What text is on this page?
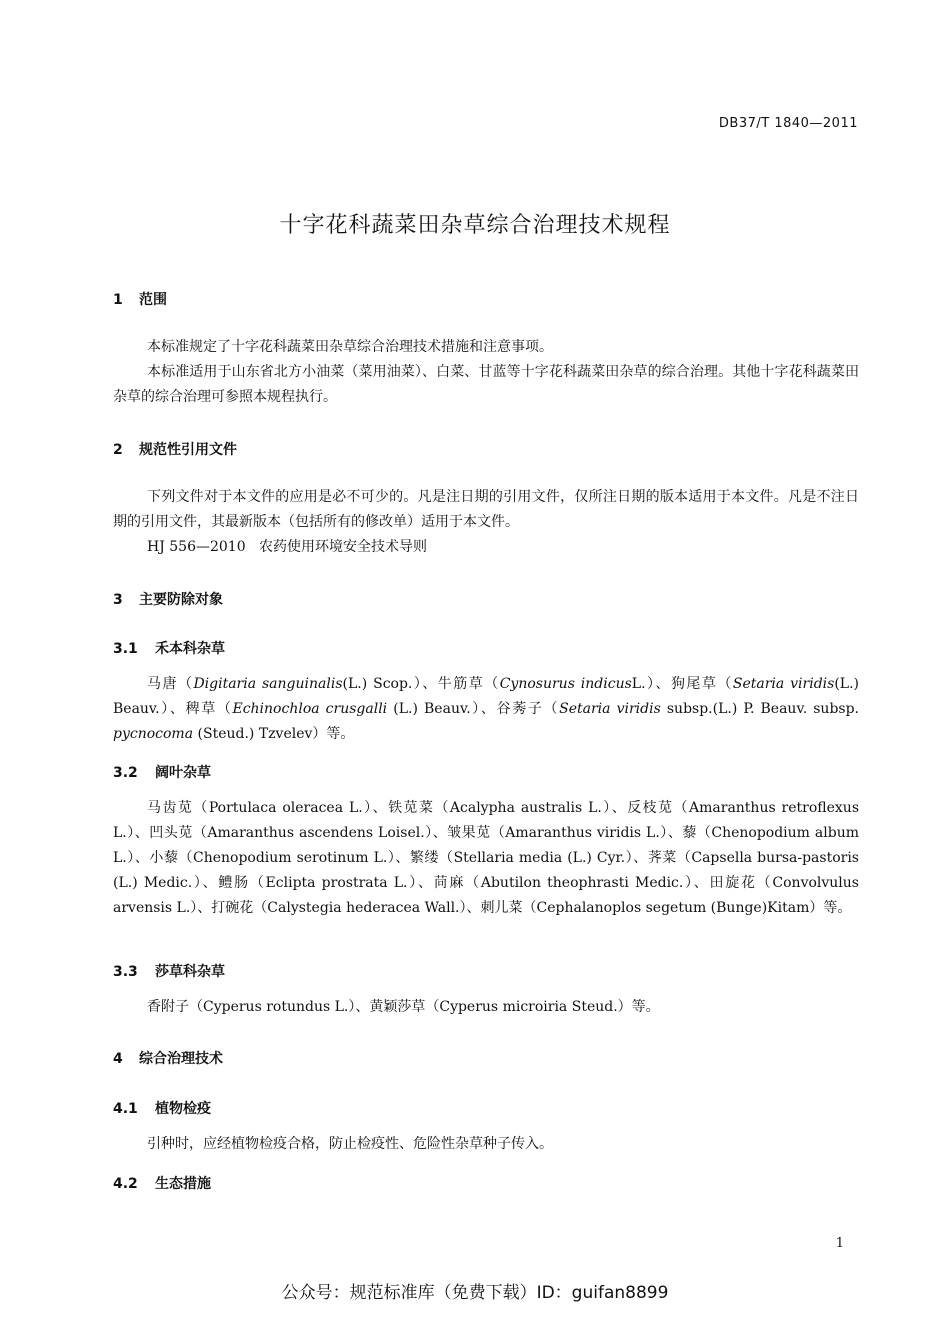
DB37/T 1840—2011
十字花科蔬菜田杂草综合治理技术规程
1 范围

本标准规定了十字花科蔬菜田杂草综合治理技术措施和注意事项。

本标准适用于山东省北方小油菜（菜用油菜）、白菜、甘蓝等十字花科蔬菜田杂草的综合治理。其他十字花科蔬菜田杂草的综合治理可参照本规程执行。

2 规范性引用文件

下列文件对于本文件的应用是必不可少的。凡是注日期的引用文件，仅所注日期的版本适用于本文件。凡是不注日期的引用文件，其最新版本（包括所有的修改单）适用于本文件。

HJ 556—2010 农药使用环境安全技术导则

3 主要防除对象
3.1 禾本科杂草

马唐（Digitaria sanguinalis(L.) Scop.）、牛筋草（Cynosurus indicusL.）、狗尾草（Setaria viridis(L.) Beauv.）、稗草（Echinochloa crusgalli (L.) Beauv.）、谷莠子（Setaria viridis subsp.(L.) P. Beauv. subsp. pycnocoma (Steud.) Tzvelev）等。

3.2 阔叶杂草

马齿苋（Portulaca oleracea L.）、铁苋菜（Acalypha australis L.）、反枝苋（Amaranthus retroflexus L.）、凹头苋（Amaranthus ascendens Loisel.）、皱果苋（Amaranthus viridis L.）、藜（Chenopodium album L.）、小藜（Chenopodium serotinum L.）、繁缕（Stellaria media (L.) Cyr.）、荠菜（Capsella bursa-pastoris (L.) Medic.）、鳢肠（Eclipta prostrata L.）、苘麻（Abutilon theophrasti Medic.）、田旋花（Convolvulus arvensis L.）、打碗花（Calystegia hederacea Wall.）、刺儿菜（Cephalanoplos segetum (Bunge)Kitam）等。

3.3 莎草科杂草

香附子（Cyperus rotundus L.）、黄颖莎草（Cyperus microiria Steud.）等。

4 综合治理技术
4.1 植物检疫

引种时，应经植物检疫合格，防止检疫性、危险性杂草种子传入。

4.2 生态措施
1
公众号：规范标准库（免费下载）ID：guifan8899
